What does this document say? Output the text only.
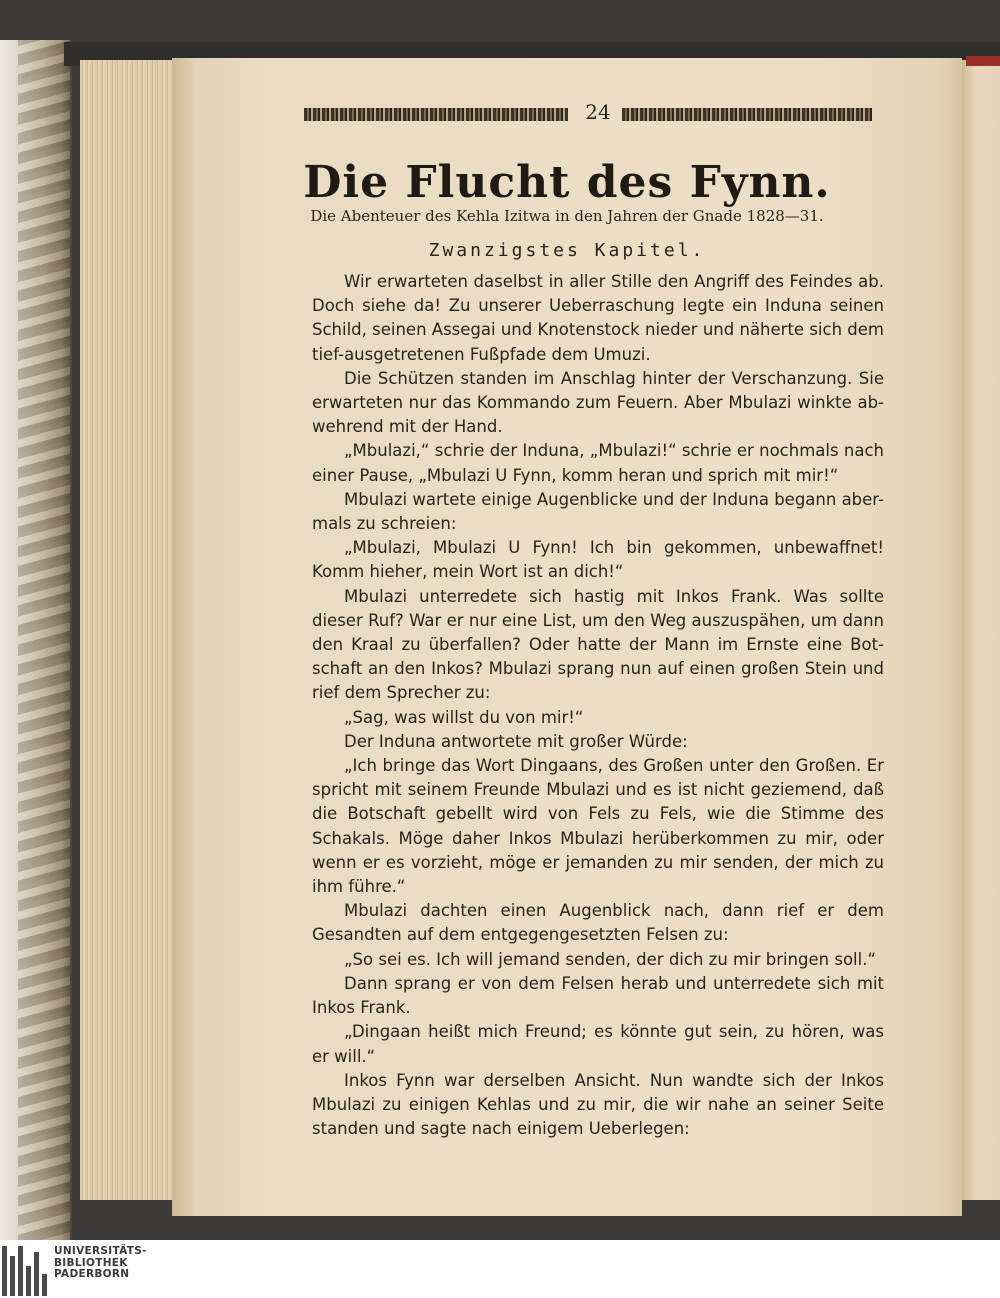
24
Die Flucht des Fynn.
Die Abenteuer des Kehla Izitwa in den Jahren der Gnade 1828—31.
Zwanzigstes Kapitel.

Wir erwarteten daselbst in aller Stille den Angriff des Feindes ab. Doch siehe da! Zu unserer Ueberraschung legte ein Induna seinen Schild, seinen Assegai und Knotenstock nieder und näherte sich dem tief-ausgetretenen Fußpfade dem Umuzi.

Die Schützen standen im Anschlag hinter der Verschanzung. Sie erwarteten nur das Kommando zum Feuern. Aber Mbulazi winkte ab-wehrend mit der Hand.

„Mbulazi,“ schrie der Induna, „Mbulazi!“ schrie er nochmals nach einer Pause, „Mbulazi U Fynn, komm heran und sprich mit mir!“

Mbulazi wartete einige Augenblicke und der Induna begann aber-mals zu schreien:

„Mbulazi, Mbulazi U Fynn! Ich bin gekommen, unbewaffnet! Komm hieher, mein Wort ist an dich!“

Mbulazi unterredete sich hastig mit Inkos Frank. Was sollte dieser Ruf? War er nur eine List, um den Weg auszuspähen, um dann den Kraal zu überfallen? Oder hatte der Mann im Ernste eine Bot-schaft an den Inkos? Mbulazi sprang nun auf einen großen Stein und rief dem Sprecher zu:

„Sag, was willst du von mir!“

Der Induna antwortete mit großer Würde:

„Ich bringe das Wort Dingaans, des Großen unter den Großen. Er spricht mit seinem Freunde Mbulazi und es ist nicht geziemend, daß die Botschaft gebellt wird von Fels zu Fels, wie die Stimme des Schakals. Möge daher Inkos Mbulazi herüberkommen zu mir, oder wenn er es vorzieht, möge er jemanden zu mir senden, der mich zu ihm führe.“

Mbulazi dachten einen Augenblick nach, dann rief er dem Gesandten auf dem entgegengesetzten Felsen zu:

„So sei es. Ich will jemand senden, der dich zu mir bringen soll.“

Dann sprang er von dem Felsen herab und unterredete sich mit Inkos Frank.

„Dingaan heißt mich Freund; es könnte gut sein, zu hören, was er will.“

Inkos Fynn war derselben Ansicht. Nun wandte sich der Inkos Mbulazi zu einigen Kehlas und zu mir, die wir nahe an seiner Seite standen und sagte nach einigem Ueberlegen:

UNIVERSITÄTS-
BIBLIOTHEK
PADERBORN
